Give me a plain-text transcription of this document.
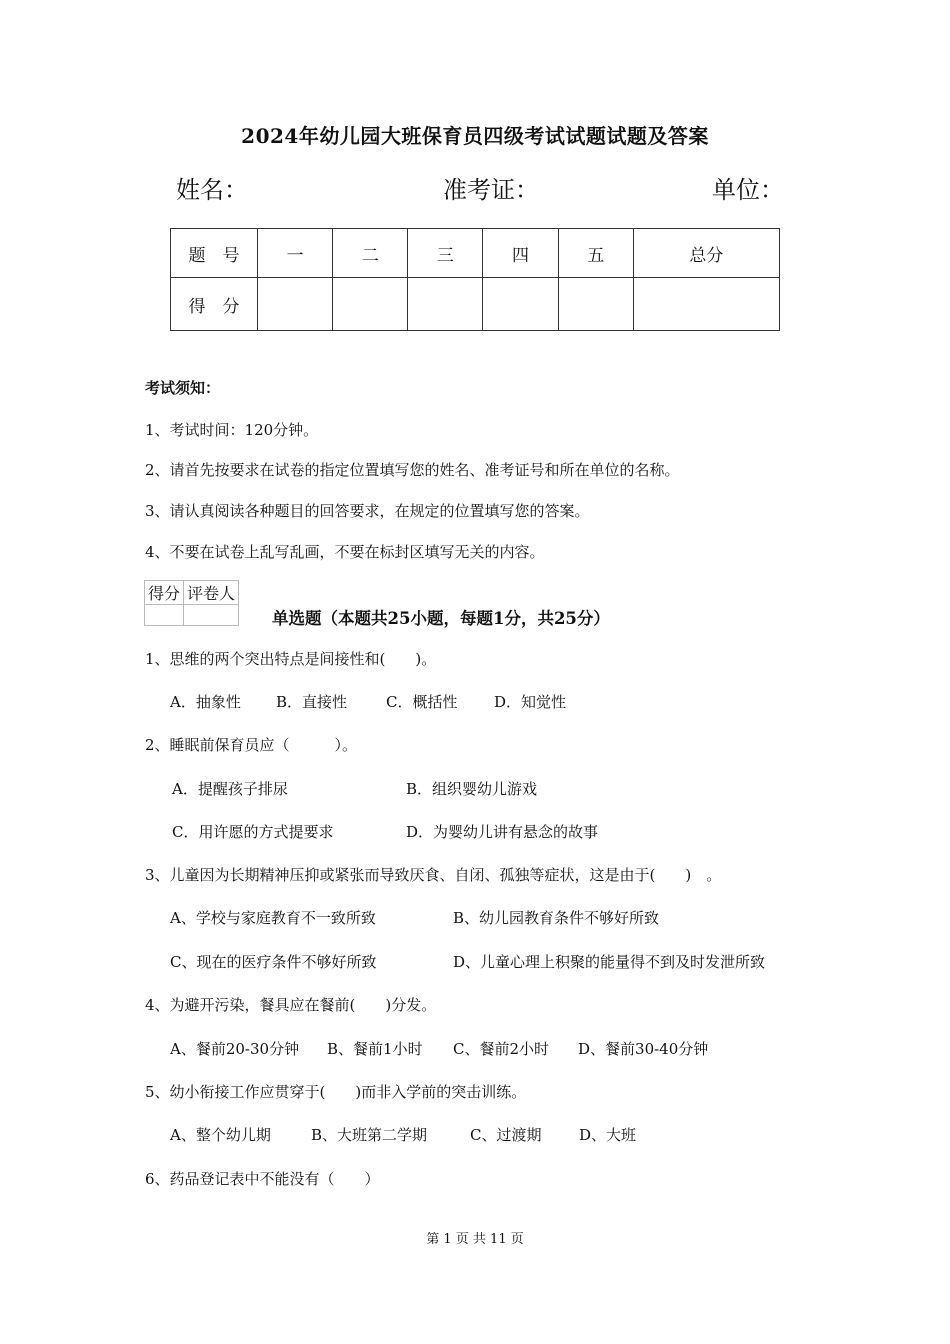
2024年幼儿园大班保育员四级考试试题试题及答案
姓名：	准考证：	单位：
题　号	一	二	三	四	五	总分
得　分						
考试须知：
1、考试时间：120分钟。
2、请首先按要求在试卷的指定位置填写您的姓名、准考证号和所在单位的名称。
3、请认真阅读各种题目的回答要求，在规定的位置填写您的答案。
4、不要在试卷上乱写乱画，不要在标封区填写无关的内容。
得分	评卷人

单选题（本题共25小题，每题1分，共25分）
1、思维的两个突出特点是间接性和(　　)。
A．抽象性 B．直接性	C．概括性 D．知觉性
2、睡眠前保育员应（　　　）。
A．提醒孩子排尿	B．组织婴幼儿游戏
C．用许愿的方式提要求	D．为婴幼儿讲有悬念的故事
3、儿童因为长期精神压抑或紧张而导致厌食、自闭、孤独等症状，这是由于(　　)　。
A、学校与家庭教育不一致所致	B、幼儿园教育条件不够好所致
C、现在的医疗条件不够好所致	D、儿童心理上积聚的能量得不到及时发泄所致
4、为避开污染，餐具应在餐前(　　)分发。
A、餐前20-30分钟 B、餐前1小时 C、餐前2小时 D、餐前30-40分钟
5、幼小衔接工作应贯穿于(　　)而非入学前的突击训练。
A、整个幼儿期	B、大班第二学期	C、过渡期	D、大班
6、药品登记表中不能没有（　　）
第 1 页 共 11 页
